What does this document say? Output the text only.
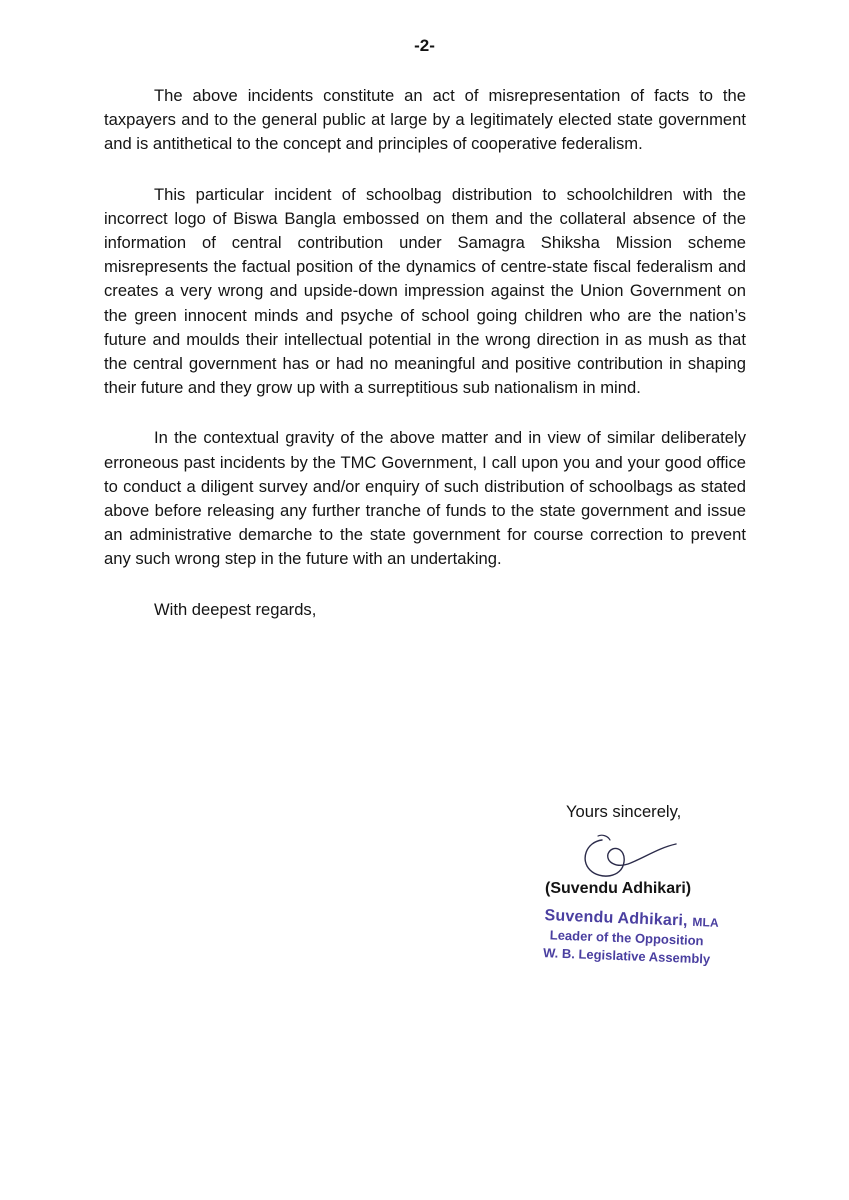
-2-

The above incidents constitute an act of misrepresentation of facts to the taxpayers and to the general public at large by a legitimately elected state government and is antithetical to the concept and principles of cooperative federalism.

This particular incident of schoolbag distribution to schoolchildren with the incorrect logo of Biswa Bangla embossed on them and the collateral absence of the information of central contribution under Samagra Shiksha Mission scheme misrepresents the factual position of the dynamics of centre-state fiscal federalism and creates a very wrong and upside-down impression against the Union Government on the green innocent minds and psyche of school going children who are the nation’s future and moulds their intellectual potential in the wrong direction in as mush as that the central government has or had no meaningful and positive contribution in shaping their future and they grow up with a surreptitious sub nationalism in mind.

In the contextual gravity of the above matter and in view of similar deliberately erroneous past incidents by the TMC Government, I call upon you and your good office to conduct a diligent survey and/or enquiry of such distribution of schoolbags as stated above before releasing any further tranche of funds to the state government and issue an administrative demarche to the state government for course correction to prevent any such wrong step in the future with an undertaking.

With deepest regards,

Yours sincerely,
(Suvendu Adhikari)
Suvendu Adhikari, MLA
Leader of the Opposition
W. B. Legislative Assembly
